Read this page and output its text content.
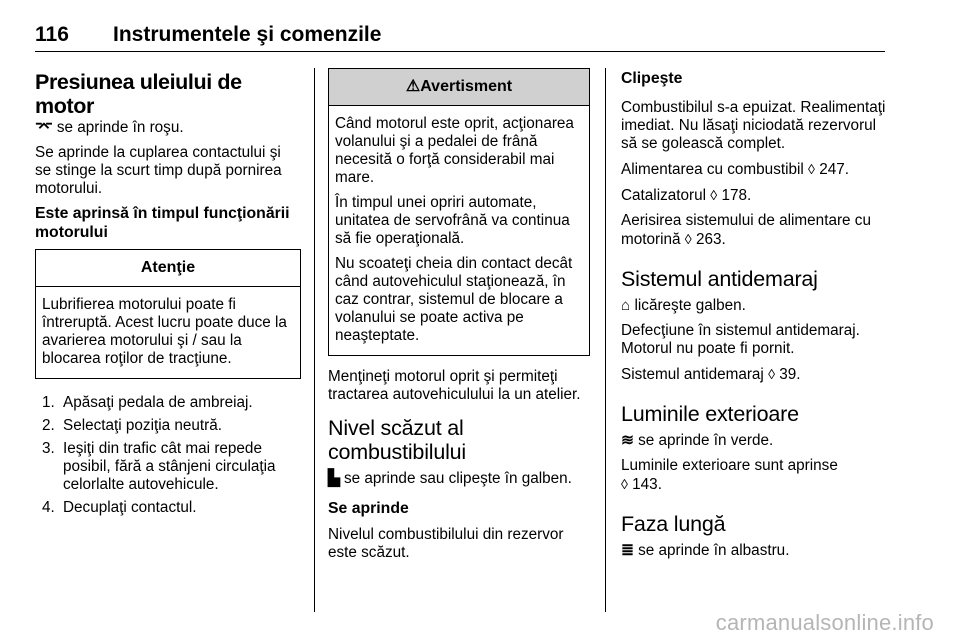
116 Instrumentele şi comenzile
Presiunea uleiului de motor

⌤ se aprinde în roşu.

Se aprinde la cuplarea contactului şi se stinge la scurt timp după pornirea motorului.

Este aprinsă în timpul funcţionării motorului
Atenţie

Lubrifierea motorului poate fi întreruptă. Acest lucru poate duce la avarierea motorului şi / sau la blocarea roţilor de tracţiune.

1. Apăsaţi pedala de ambreiaj.
2. Selectaţi poziţia neutră.
3. Ieşiţi din trafic cât mai repede posibil, fără a stânjeni circulaţia celorlalte autovehicule.
4. Decuplaţi contactul.
⚠Avertisment

Când motorul este oprit, acţionarea volanului şi a pedalei de frână necesită o forţă considerabil mai mare.

În timpul unei opriri automate, unitatea de servofrână va continua să fie operaţională.

Nu scoateţi cheia din contact decât când autovehiculul staţionează, în caz contrar, sistemul de blocare a volanului se poate activa pe neaşteptate.

Menţineţi motorul oprit şi permiteţi tractarea autovehiculului la un atelier.

Nivel scăzut al combustibilului

▙ se aprinde sau clipeşte în galben.

Se aprinde

Nivelul combustibilului din rezervor este scăzut.

Clipeşte

Combustibilul s-a epuizat. Realimentaţi imediat. Nu lăsaţi niciodată rezervorul să se golească complet.

Alimentarea cu combustibil ◊ 247.

Catalizatorul ◊ 178.

Aerisirea sistemului de alimentare cu motorină ◊ 263.

Sistemul antidemaraj

⌂ licăreşte galben.

Defecţiune în sistemul antidemaraj. Motorul nu poate fi pornit.

Sistemul antidemaraj ◊ 39.

Luminile exterioare

≋ se aprinde în verde.

Luminile exterioare sunt aprinse
◊ 143.

Faza lungă

≣ se aprinde în albastru.

carmanualsonline.info
